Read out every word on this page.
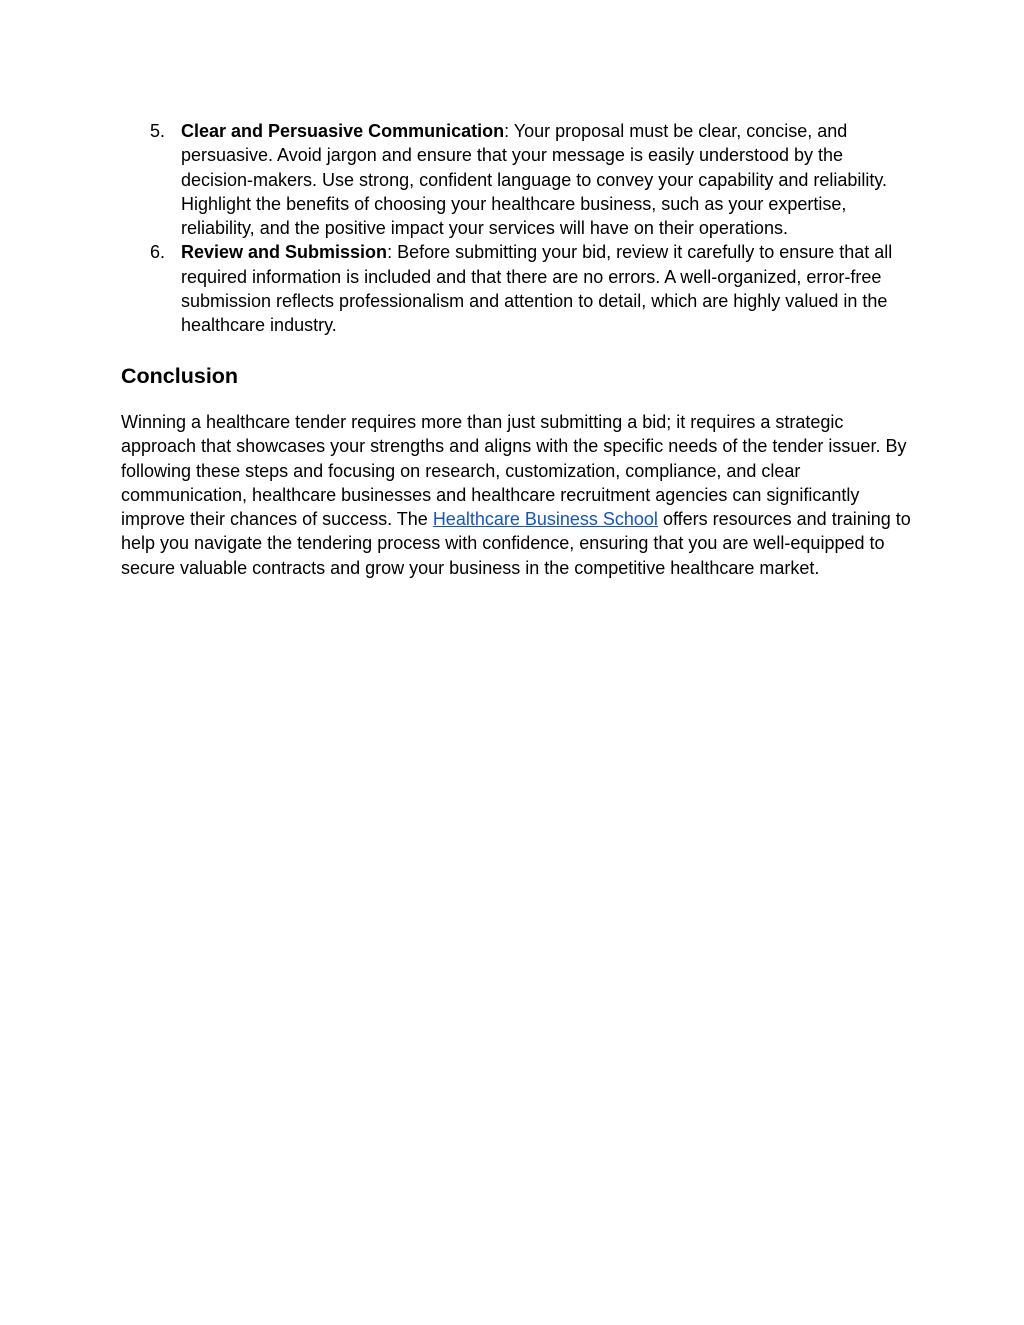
5. Clear and Persuasive Communication: Your proposal must be clear, concise, and persuasive. Avoid jargon and ensure that your message is easily understood by the decision-makers. Use strong, confident language to convey your capability and reliability. Highlight the benefits of choosing your healthcare business, such as your expertise, reliability, and the positive impact your services will have on their operations.
6. Review and Submission: Before submitting your bid, review it carefully to ensure that all required information is included and that there are no errors. A well-organized, error-free submission reflects professionalism and attention to detail, which are highly valued in the healthcare industry.
Conclusion

Winning a healthcare tender requires more than just submitting a bid; it requires a strategic approach that showcases your strengths and aligns with the specific needs of the tender issuer. By following these steps and focusing on research, customization, compliance, and clear communication, healthcare businesses and healthcare recruitment agencies can significantly improve their chances of success. The Healthcare Business School offers resources and training to help you navigate the tendering process with confidence, ensuring that you are well-equipped to secure valuable contracts and grow your business in the competitive healthcare market.
